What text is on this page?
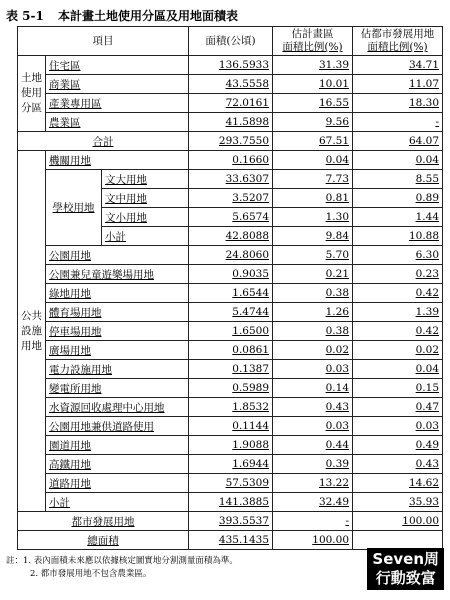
表 5-1 本計畫土地使用分區及用地面積表
項目			面積(公頃)	估計畫區
面積比例(%)	佔都市發展用地
面積比例(%)
土地
使用
分區	住宅區		136.5933	31.39	34.71
	商業區		43.5558	10.01	11.07
	產業專用區		72.0161	16.55	18.30
	農業區		41.5898	9.56	-
合計			293.7550	67.51	64.07
公共
設施
用地	機關用地		0.1660	0.04	0.04
	學校用地	文大用地	33.6307	7.73	8.55
		文中用地	3.5207	0.81	0.89
		文小用地	5.6574	1.30	1.44
		小計	42.8088	9.84	10.88
	公園用地		24.8060	5.70	6.30
	公園兼兒童遊樂場用地		0.9035	0.21	0.23
	綠地用地		1.6544	0.38	0.42
	體育場用地		5.4744	1.26	1.39
	停車場用地		1.6500	0.38	0.42
	廣場用地		0.0861	0.02	0.02
	電力設施用地		0.1387	0.03	0.04
	變電所用地		0.5989	0.14	0.15
	水資源回收處理中心用地		1.8532	0.43	0.47
	公園用地兼供道路使用		0.1144	0.03	0.03
	園道用地		1.9088	0.44	0.49
	高鐵用地		1.6944	0.39	0.43
	道路用地		57.5309	13.22	14.62
	小計		141.3885	32.49	35.93
都市發展用地			393.5537	-	100.00
總面積			435.1435	100.00	
註：1. 表內面積未來應以依據核定圖實地分割測量面積為準。
2. 都市發展用地不包含農業區。
Seven周
行動致富
